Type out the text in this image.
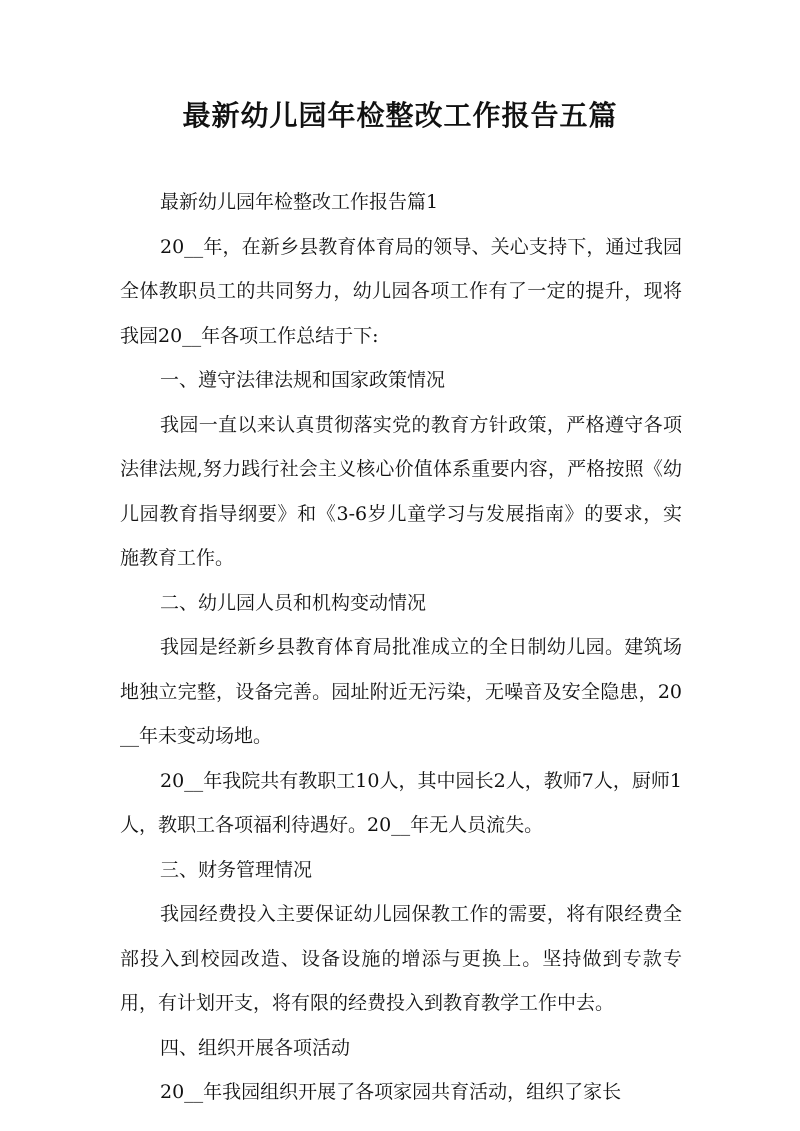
最新幼儿园年检整改工作报告五篇

最新幼儿园年检整改工作报告篇1

20__年，在新乡县教育体育局的领导、关心支持下，通过我园全体教职员工的共同努力，幼儿园各项工作有了一定的提升，现将我园20__年各项工作总结于下:

一、遵守法律法规和国家政策情况

我园一直以来认真贯彻落实党的教育方针政策，严格遵守各项法律法规,努力践行社会主义核心价值体系重要内容，严格按照《幼儿园教育指导纲要》和《3-6岁儿童学习与发展指南》的要求，实施教育工作。

二、幼儿园人员和机构变动情况

我园是经新乡县教育体育局批准成立的全日制幼儿园。建筑场地独立完整，设备完善。园址附近无污染，无噪音及安全隐患，20__年未变动场地。

20__年我院共有教职工10人，其中园长2人，教师7人，厨师1人，教职工各项福利待遇好。20__年无人员流失。

三、财务管理情况

我园经费投入主要保证幼儿园保教工作的需要，将有限经费全部投入到校园改造、设备设施的增添与更换上。坚持做到专款专用，有计划开支，将有限的经费投入到教育教学工作中去。

四、组织开展各项活动

20__年我园组织开展了各项家园共育活动，组织了家长
